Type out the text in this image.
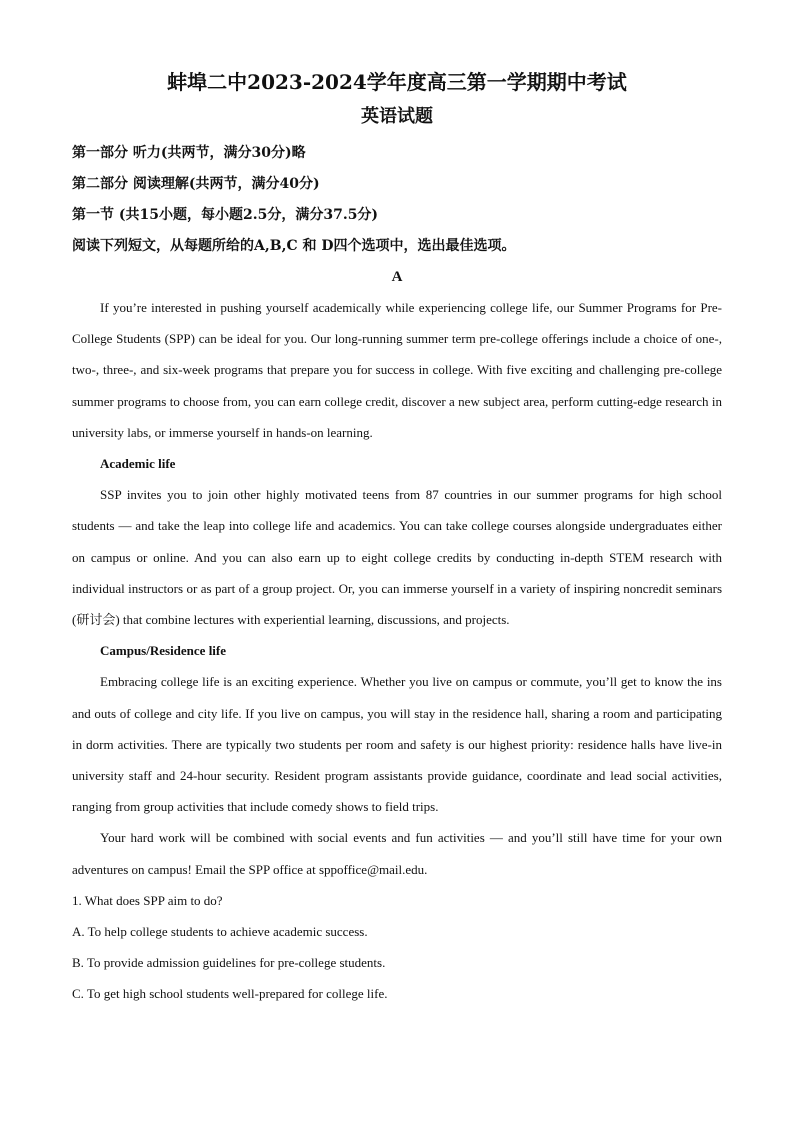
蚌埠二中2023-2024学年度高三第一学期期中考试

英语试题

第一部分 听力(共两节，满分30分)略

第二部分 阅读理解(共两节，满分40分)

第一节 (共15小题，每小题2.5分，满分37.5分)

阅读下列短文，从每题所给的A,B,C 和 D四个选项中，选出最佳选项。

A

If you’re interested in pushing yourself academically while experiencing college life, our Summer Programs for Pre-College Students (SPP) can be ideal for you. Our long-running summer term pre-college offerings include a choice of one-, two-, three-, and six-week programs that prepare you for success in college. With five exciting and challenging pre-college summer programs to choose from, you can earn college credit, discover a new subject area, perform cutting-edge research in university labs, or immerse yourself in hands-on learning.

Academic life

SSP invites you to join other highly motivated teens from 87 countries in our summer programs for high school students — and take the leap into college life and academics. You can take college courses alongside undergraduates either on campus or online. And you can also earn up to eight college credits by conducting in-depth STEM research with individual instructors or as part of a group project. Or, you can immerse yourself in a variety of inspiring noncredit seminars (研讨会) that combine lectures with experiential learning, discussions, and projects.

Campus/Residence life

Embracing college life is an exciting experience. Whether you live on campus or commute, you’ll get to know the ins and outs of college and city life. If you live on campus, you will stay in the residence hall, sharing a room and participating in dorm activities. There are typically two students per room and safety is our highest priority: residence halls have live-in university staff and 24-hour security. Resident program assistants provide guidance, coordinate and lead social activities, ranging from group activities that include comedy shows to field trips.

Your hard work will be combined with social events and fun activities — and you’ll still have time for your own adventures on campus! Email the SPP office at sppoffice@mail.edu.

1. What does SPP aim to do?

A. To help college students to achieve academic success.

B. To provide admission guidelines for pre-college students.

C. To get high school students well-prepared for college life.
